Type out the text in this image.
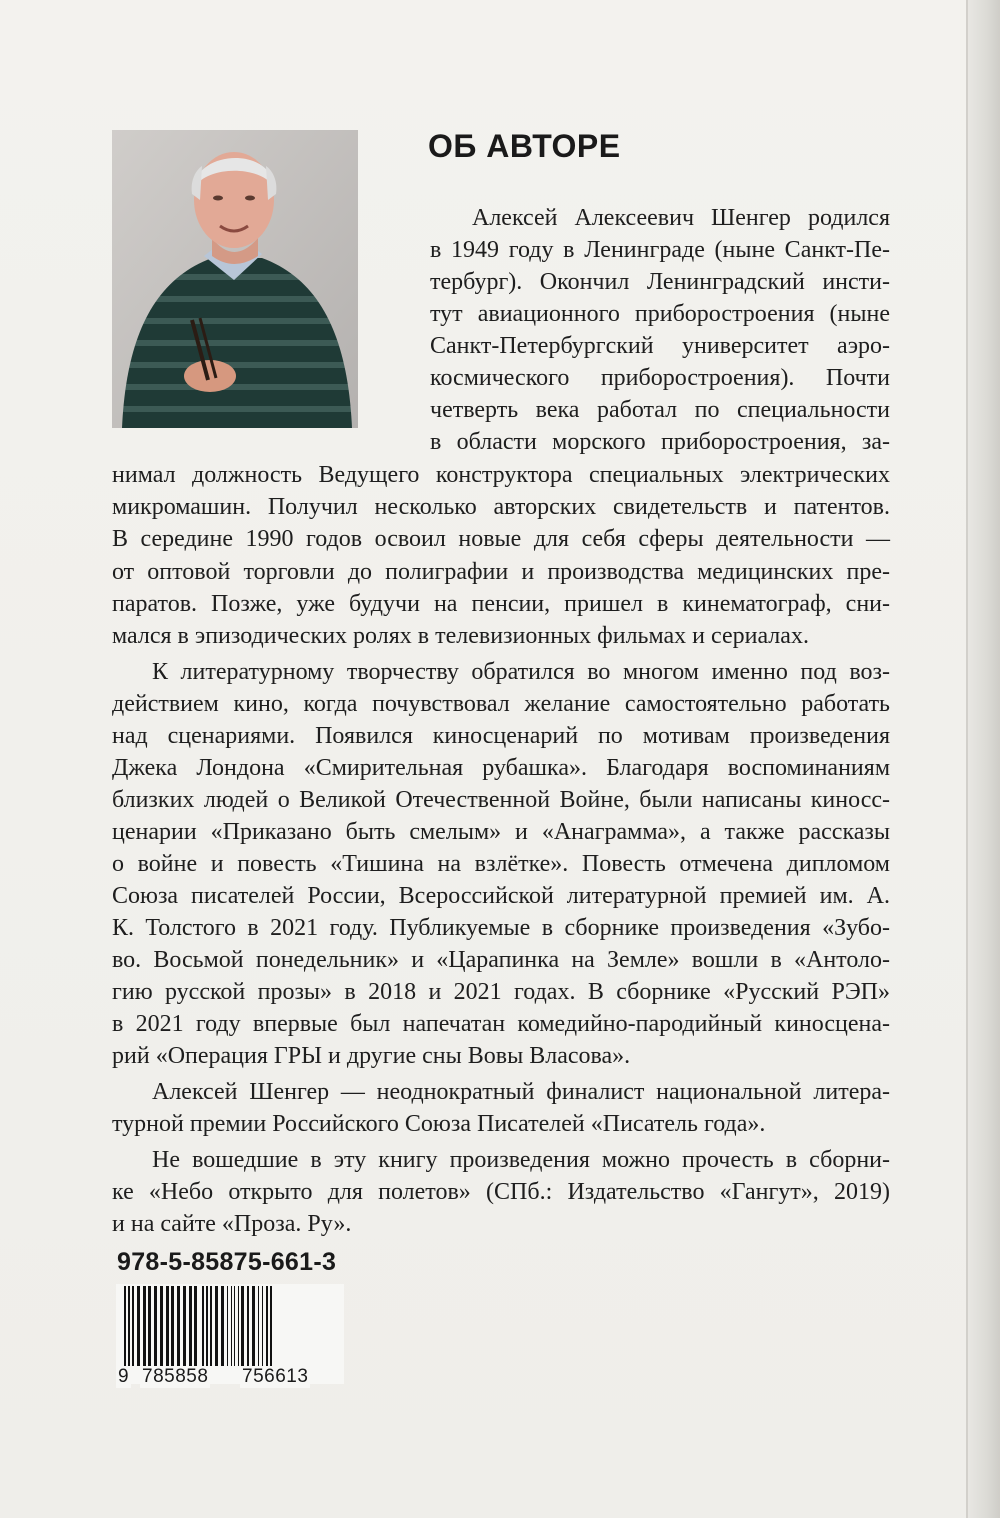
ОБ АВТОРЕ
Алексей Алексеевич Шенгер родился
в 1949 году в Ленинграде (ныне Санкт-Пе-
тербург). Окончил Ленинградский инсти-
тут авиационного приборостроения (ныне
Санкт-Петербургский университет аэро-
космического приборостроения). Почти
четверть века работал по специальности
в области морского приборостроения, за-
нимал должность Ведущего конструктора специальных электрических
микромашин. Получил несколько авторских свидетельств и патентов.
В середине 1990 годов освоил новые для себя сферы деятельности —
от оптовой торговли до полиграфии и производства медицинских пре-
паратов. Позже, уже будучи на пенсии, пришел в кинематограф, сни-
мался в эпизодических ролях в телевизионных фильмах и сериалах.
К литературному творчеству обратился во многом именно под воз-
действием кино, когда почувствовал желание самостоятельно работать
над сценариями. Появился киносценарий по мотивам произведения
Джека Лондона «Смирительная рубашка». Благодаря воспоминаниям
близких людей о Великой Отечественной Войне, были написаны киносс-
ценарии «Приказано быть смелым» и «Анаграмма», а также рассказы
о войне и повесть «Тишина на взлётке». Повесть отмечена дипломом
Союза писателей России, Всероссийской литературной премией им. А.
К. Толстого в 2021 году. Публикуемые в сборнике произведения «Зубо-
во. Восьмой понедельник» и «Царапинка на Земле» вошли в «Антоло-
гию русской прозы» в 2018 и 2021 годах. В сборнике «Русский РЭП»
в 2021 году впервые был напечатан комедийно-пародийный киносцена-
рий «Операция ГРЫ и другие сны Вовы Власова».
Алексей Шенгер — неоднократный финалист национальной литера-
турной премии Российского Союза Писателей «Писатель года».
Не вошедшие в эту книгу произведения можно прочесть в сборни-
ке «Небо открыто для полетов» (СПб.: Издательство «Гангут», 2019)
и на сайте «Проза. Ру».
978-5-85875-661-3
9 785858 756613
